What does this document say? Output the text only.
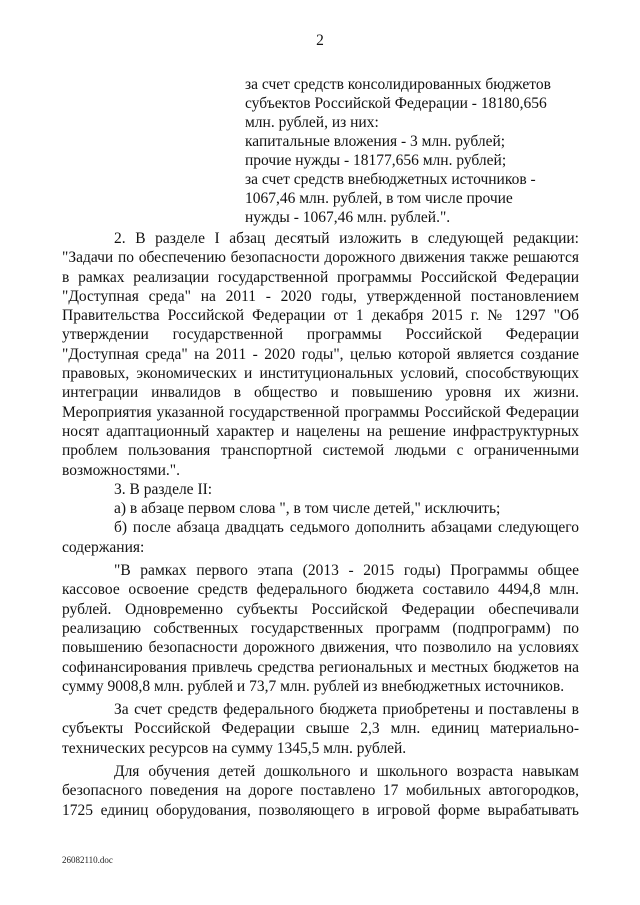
2
за счет средств консолидированных бюджетов
субъектов Российской Федерации - 18180,656
млн. рублей, из них:
капитальные вложения - 3 млн. рублей;
прочие нужды - 18177,656 млн. рублей;
за счет средств внебюджетных источников -
1067,46 млн. рублей, в том числе прочие
нужды - 1067,46 млн. рублей.".

2. В разделе I абзац десятый изложить в следующей редакции: "Задачи по обеспечению безопасности дорожного движения также решаются в рамках реализации государственной программы Российской Федерации "Доступная среда" на 2011 - 2020 годы, утвержденной постановлением Правительства Российской Федерации от 1 декабря 2015 г. № 1297 "Об утверждении государственной программы Российской Федерации "Доступная среда" на 2011 - 2020 годы", целью которой является создание правовых, экономических и институциональных условий, способствующих интеграции инвалидов в общество и повышению уровня их жизни. Мероприятия указанной государственной программы Российской Федерации носят адаптационный характер и нацелены на решение инфраструктурных проблем пользования транспортной системой людьми с ограниченными возможностями.".

3. В разделе II:

а) в абзаце первом слова ", в том числе детей," исключить;

б) после абзаца двадцать седьмого дополнить абзацами следующего содержания:

"В рамках первого этапа (2013 - 2015 годы) Программы общее кассовое освоение средств федерального бюджета составило 4494,8 млн. рублей. Одновременно субъекты Российской Федерации обеспечивали реализацию собственных государственных программ (подпрограмм) по повышению безопасности дорожного движения, что позволило на условиях софинансирования привлечь средства региональных и местных бюджетов на сумму 9008,8 млн. рублей и 73,7 млн. рублей из внебюджетных источников.

За счет средств федерального бюджета приобретены и поставлены в субъекты Российской Федерации свыше 2,3 млн. единиц материально-технических ресурсов на сумму 1345,5 млн. рублей.

Для обучения детей дошкольного и школьного возраста навыкам безопасного поведения на дороге поставлено 17 мобильных автогородков, 1725 единиц оборудования, позволяющего в игровой форме вырабатывать

26082110.doc
